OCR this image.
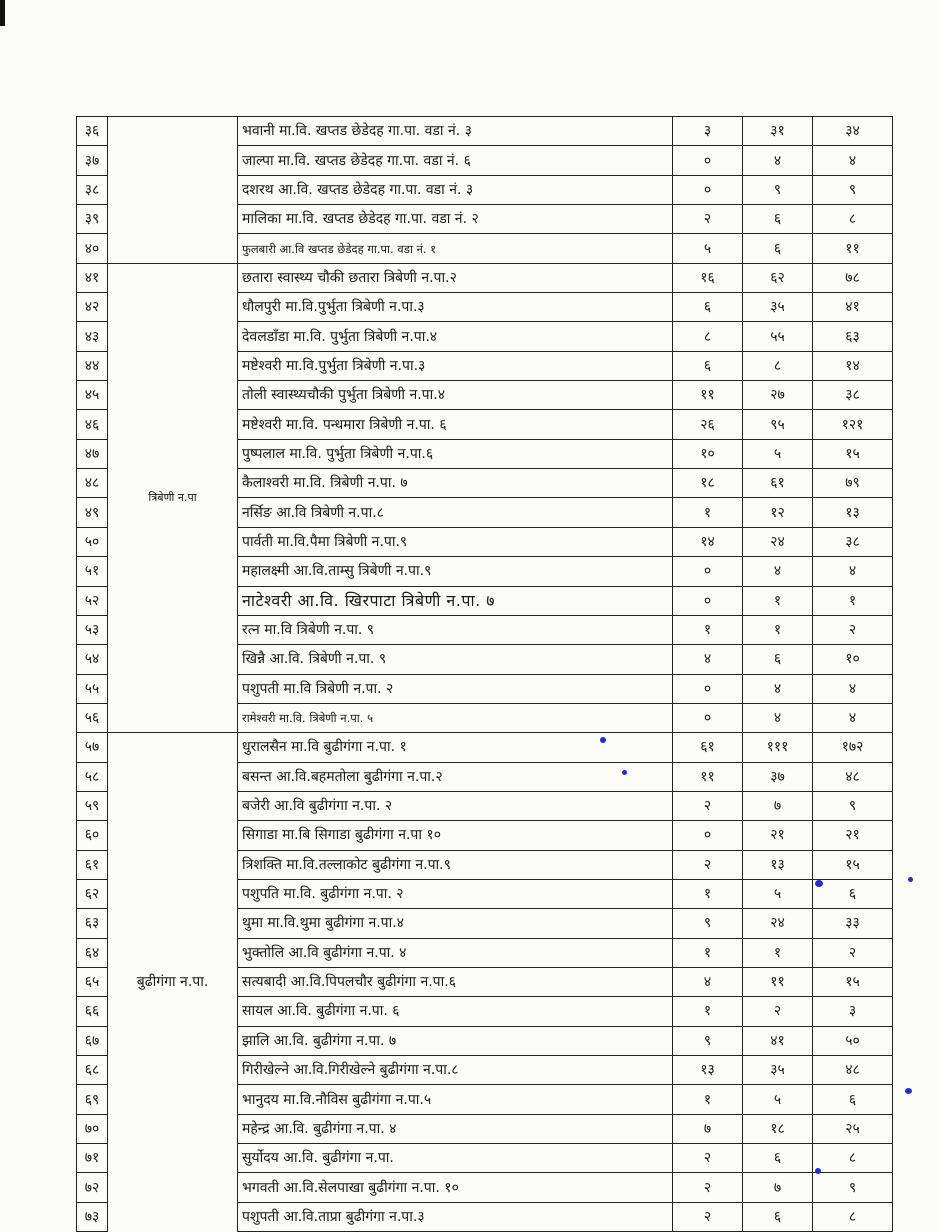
३६		भवानी मा.वि. खप्तड छेडेदह गा.पा. वडा नं. ३	३	३१	३४
३७		जाल्पा मा.वि. खप्तड छेडेदह गा.पा. वडा नं. ६	०	४	४
३८		दशरथ आ.वि. खप्तड छेडेदह गा.पा. वडा नं. ३	०	९	९
३९		मालिका मा.वि. खप्तड छेडेदह गा.पा. वडा नं. २	२	६	८
४०		फुलबारी आ.वि खप्तड छेडेदह गा.पा. वडा नं. १	५	६	११
४१	त्रिबेणी न.पा	छतारा स्वास्थ्य चौकी छतारा त्रिबेणी न.पा.२	१६	६२	७८
४२		धौलपुरी मा.वि.पुर्भुता त्रिबेणी न.पा.३	६	३५	४१
४३		देवलडाँडा मा.वि. पुर्भुता त्रिबेणी न.पा.४	८	५५	६३
४४		मष्टेश्वरी मा.वि.पुर्भुता त्रिबेणी न.पा.३	६	८	१४
४५		तोली स्वास्थ्यचौकी पुर्भुता त्रिबेणी न.पा.४	११	२७	३८
४६		मष्टेश्वरी मा.वि. पन्धमारा त्रिबेणी न.पा. ६	२६	९५	१२१
४७		पुष्पलाल मा.वि. पुर्भुता त्रिबेणी न.पा.६	१०	५	१५
४८		कैलाश्वरी मा.वि. त्रिबेणी न.पा. ७	१८	६१	७९
४९		नर्सिङ आ.वि त्रिबेणी न.पा.८	१	१२	१३
५०		पार्वती मा.वि.पैमा त्रिबेणी न.पा.९	१४	२४	३८
५१		महालक्ष्मी आ.वि.ताम्सु त्रिबेणी न.पा.९	०	४	४
५२		नाटेश्वरी आ.वि. खिरपाटा त्रिबेणी न.पा. ७	०	१	१
५३		रत्न मा.वि त्रिबेणी न.पा. ९	१	१	२
५४		खिन्नै आ.वि. त्रिबेणी न.पा. ९	४	६	१०
५५		पशुपती मा.वि त्रिबेणी न.पा. २	०	४	४
५६		रामेश्वरी मा.वि. त्रिबेणी न.पा. ५	०	४	४
५७	बुढीगंगा न.पा.	धुरालसैन मा.वि बुढीगंगा न.पा. १	६१	१११	१७२
५८		बसन्त आ.वि.बहमतोला बुढीगंगा न.पा.२	११	३७	४८
५९		बजेरी आ.वि बुढीगंगा न.पा. २	२	७	९
६०		सिगाडा मा.बि सिगाडा बुढीगंगा न.पा १०	०	२१	२१
६१		त्रिशक्ति मा.वि.तल्लाकोट बुढीगंगा न.पा.९	२	१३	१५
६२		पशुपति मा.वि. बुढीगंगा न.पा. २	१	५	६
६३		थुमा मा.वि.थुमा बुढीगंगा न.पा.४	९	२४	३३
६४		भुक्तोलि आ.वि बुढीगंगा न.पा. ४	१	१	२
६५		सत्यबादी आ.वि.पिपलचौर बुढीगंगा न.पा.६	४	११	१५
६६		सायल आ.वि. बुढीगंगा न.पा. ६	१	२	३
६७		झालि आ.वि. बुढीगंगा न.पा. ७	९	४१	५०
६८		गिरीखेल्ने आ.वि.गिरीखेल्ने बुढीगंगा न.पा.८	१३	३५	४८
६९		भानुदय मा.वि.नौविस बुढीगंगा न.पा.५	१	५	६
७०		महेन्द्र आ.वि. बुढीगंगा न.पा. ४	७	१८	२५
७१		सुर्योदय आ.वि. बुढीगंगा न.पा.	२	६	८
७२		भगवती आ.वि.सेलपाखा बुढीगंगा न.पा. १०	२	७	९
७३		पशुपती आ.वि.ताप्रा बुढीगंगा न.पा.३	२	६	८
